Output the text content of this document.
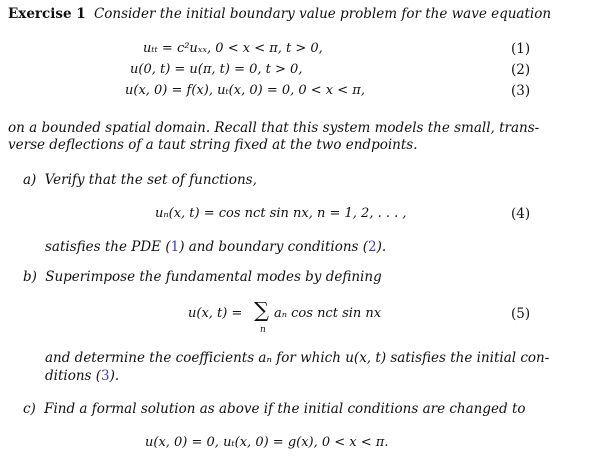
Exercise 1 Consider the initial boundary value problem for the wave equation
uₜₜ = c²uₓₓ, 0 < x < π, t > 0,	(1)
u(0, t) = u(π, t) = 0, t > 0,	(2)
u(x, 0) = f(x), uₜ(x, 0) = 0, 0 < x < π,	(3)
on a bounded spatial domain. Recall that this system models the small, trans-
verse deflections of a taut string fixed at the two endpoints.
a) Verify that the set of functions,
uₙ(x, t) = cos nct sin nx, n = 1, 2, . . . ,	(4)
satisfies the PDE (1) and boundary conditions (2).
b) Superimpose the fundamental modes by defining
u(x, t) = ∑
n
aₙ cos nct sin nx	(5)
and determine the coefficients aₙ for which u(x, t) satisfies the initial con-
ditions (3).
c) Find a formal solution as above if the initial conditions are changed to
u(x, 0) = 0, uₜ(x, 0) = g(x), 0 < x < π.
